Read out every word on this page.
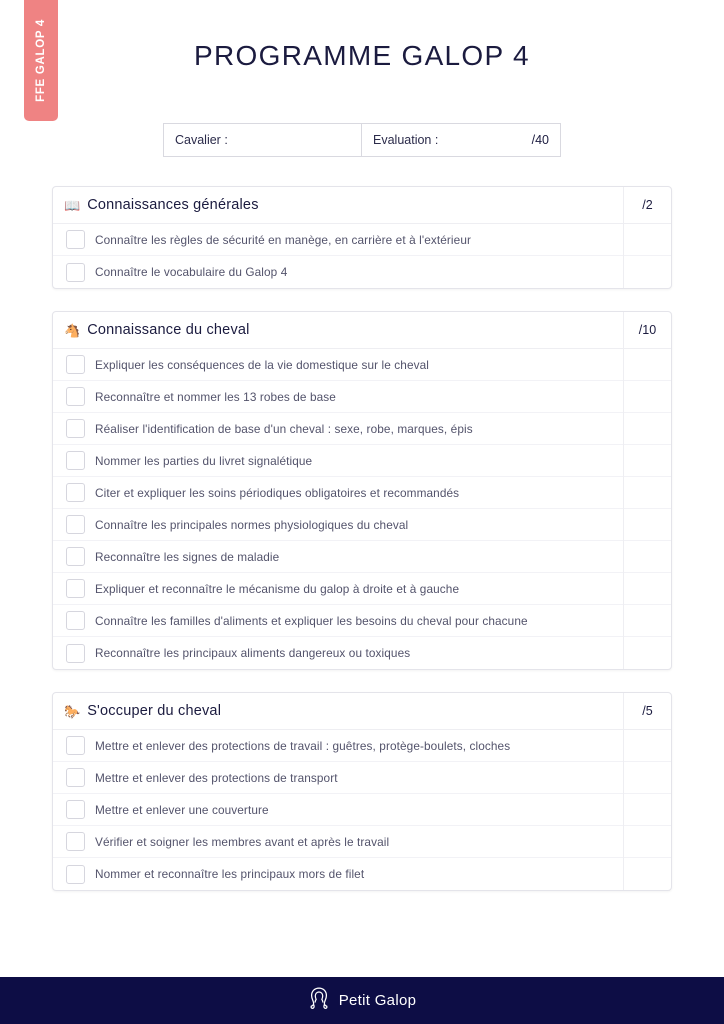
FFE GALOP 4	PROGRAMME GALOP 4
Cavalier :	Evaluation :	/40
📖 Connaissances générales	/2
Connaître les règles de sécurité en manège, en carrière et à l'extérieur
Connaître le vocabulaire du Galop 4
🐴 Connaissance du cheval	/10
Expliquer les conséquences de la vie domestique sur le cheval
Reconnaître et nommer les 13 robes de base
Réaliser l'identification de base d'un cheval : sexe, robe, marques, épis
Nommer les parties du livret signalétique
Citer et expliquer les soins périodiques obligatoires et recommandés
Connaître les principales normes physiologiques du cheval
Reconnaître les signes de maladie
Expliquer et reconnaître le mécanisme du galop à droite et à gauche
Connaître les familles d'aliments et expliquer les besoins du cheval pour chacune
Reconnaître les principaux aliments dangereux ou toxiques
🐎 S'occuper du cheval	/5
Mettre et enlever des protections de travail : guêtres, protège-boulets, cloches
Mettre et enlever des protections de transport
Mettre et enlever une couverture
Vérifier et soigner les membres avant et après le travail
Nommer et reconnaître les principaux mors de filet
Petit Galop
